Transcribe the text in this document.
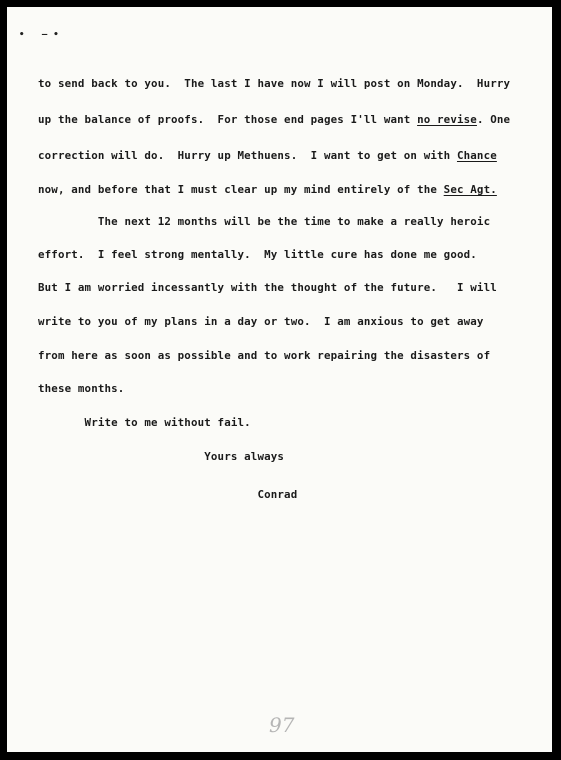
• –•
to send back to you.  The last I have now I will post on Monday.  Hurry
up the balance of proofs.  For those end pages I'll want no revise. One
correction will do.  Hurry up Methuens.  I want to get on with Chance
now, and before that I must clear up my mind entirely of the Sec Agt.
The next 12 months will be the time to make a really heroic
effort.  I feel strong mentally.  My little cure has done me good.
But I am worried incessantly with the thought of the future.   I will
write to you of my plans in a day or two.  I am anxious to get away
from here as soon as possible and to work repairing the disasters of
these months.
Write to me without fail.
Yours always
Conrad
97
